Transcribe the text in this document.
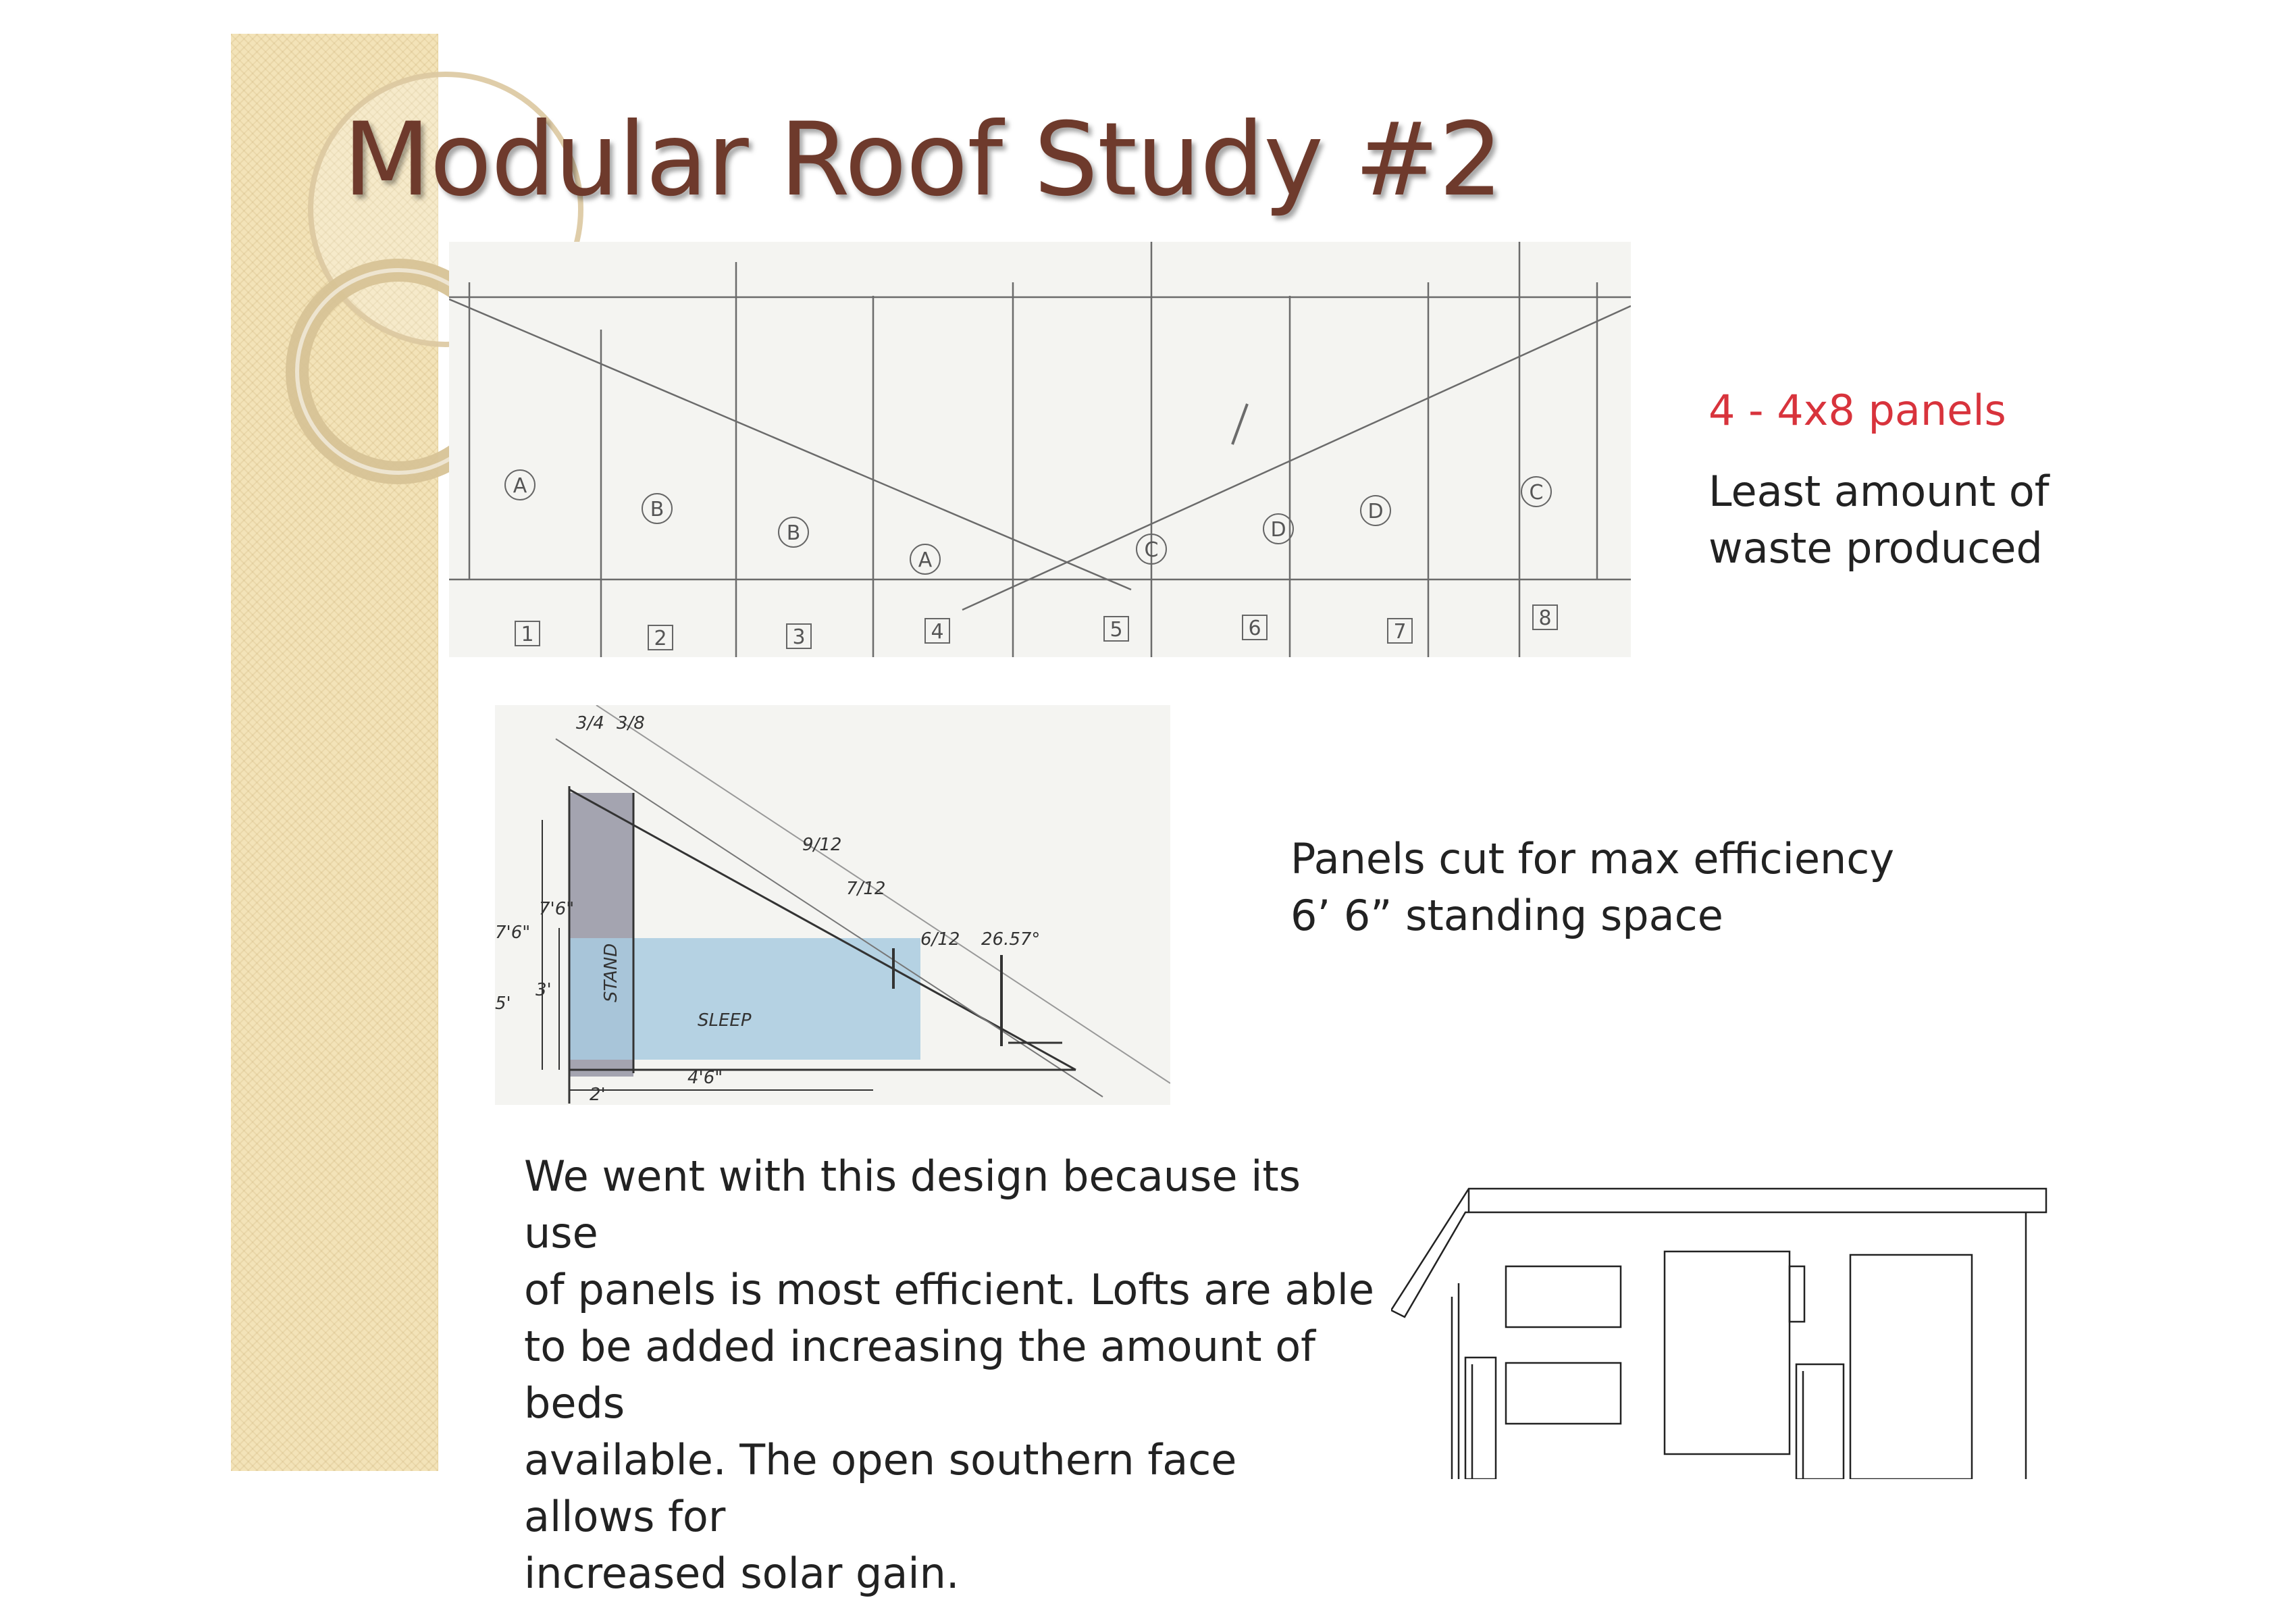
Modular Roof Study #2
A
B
B
A	C
D
D
C
1	2	3	4	5	6	7
8
4 - 4x8 panels
Least amount of
waste produced
3/4 3/8
9/12
7/12
6/12 26.57°
7'6"
7'6"
5'
3'
2'
4'6"
STAND
SLEEP
Panels cut for max efficiency
6’ 6” standing space
We went with this design because its use
of panels is most efficient. Lofts are able
to be added increasing the amount of beds
available. The open southern face allows for
increased solar gain.
